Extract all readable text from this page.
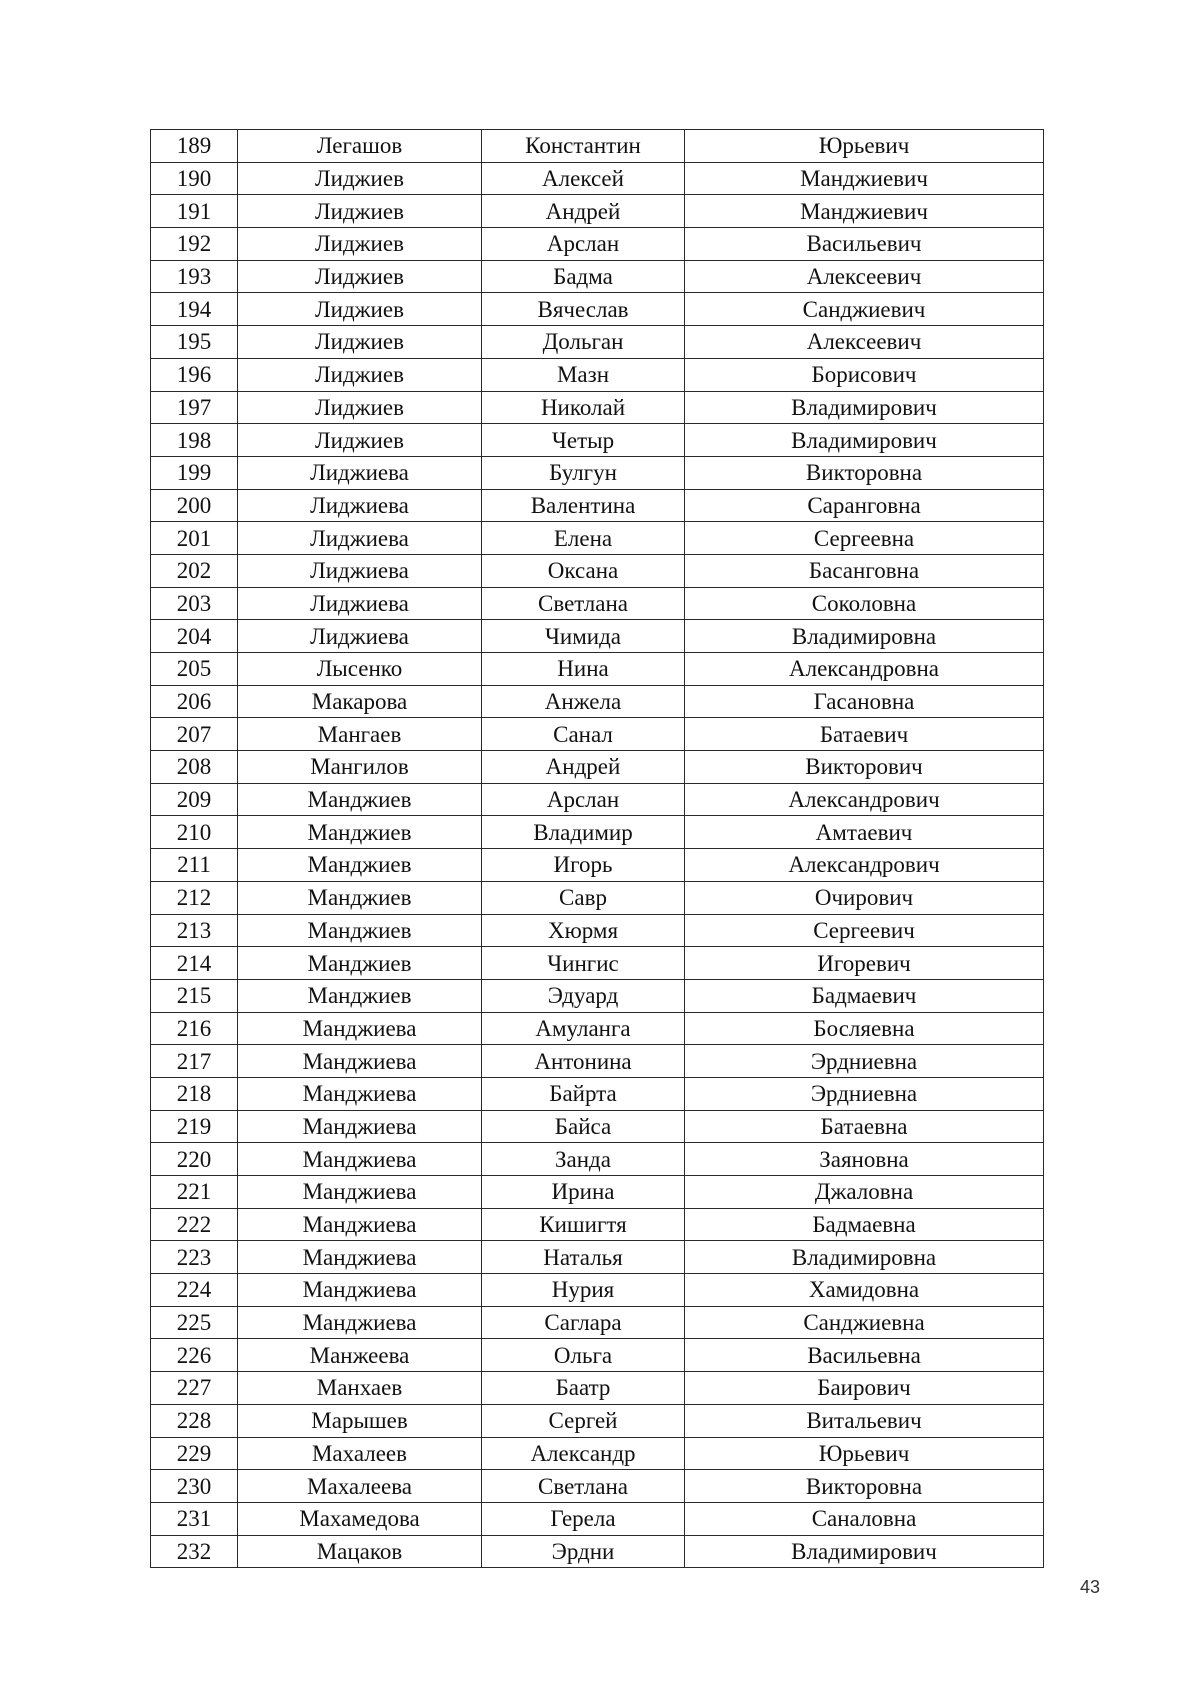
189	Легашов	Константин	Юрьевич
190	Лиджиев	Алексей	Манджиевич
191	Лиджиев	Андрей	Манджиевич
192	Лиджиев	Арслан	Васильевич
193	Лиджиев	Бадма	Алексеевич
194	Лиджиев	Вячеслав	Санджиевич
195	Лиджиев	Дольган	Алексеевич
196	Лиджиев	Мазн	Борисович
197	Лиджиев	Николай	Владимирович
198	Лиджиев	Четыр	Владимирович
199	Лиджиева	Булгун	Викторовна
200	Лиджиева	Валентина	Саранговна
201	Лиджиева	Елена	Сергеевна
202	Лиджиева	Оксана	Басанговна
203	Лиджиева	Светлана	Соколовна
204	Лиджиева	Чимида	Владимировна
205	Лысенко	Нина	Александровна
206	Макарова	Анжела	Гасановна
207	Мангаев	Санал	Батаевич
208	Мангилов	Андрей	Викторович
209	Манджиев	Арслан	Александрович
210	Манджиев	Владимир	Амтаевич
211	Манджиев	Игорь	Александрович
212	Манджиев	Савр	Очирович
213	Манджиев	Хюрмя	Сергеевич
214	Манджиев	Чингис	Игоревич
215	Манджиев	Эдуард	Бадмаевич
216	Манджиева	Амуланга	Босляевна
217	Манджиева	Антонина	Эрдниевна
218	Манджиева	Байрта	Эрдниевна
219	Манджиева	Байса	Батаевна
220	Манджиева	Занда	Заяновна
221	Манджиева	Ирина	Джаловна
222	Манджиева	Кишигтя	Бадмаевна
223	Манджиева	Наталья	Владимировна
224	Манджиева	Нурия	Хамидовна
225	Манджиева	Саглара	Санджиевна
226	Манжеева	Ольга	Васильевна
227	Манхаев	Баатр	Баирович
228	Марышев	Сергей	Витальевич
229	Махалеев	Александр	Юрьевич
230	Махалеева	Светлана	Викторовна
231	Махамедова	Герела	Саналовна
232	Мацаков	Эрдни	Владимирович
43
